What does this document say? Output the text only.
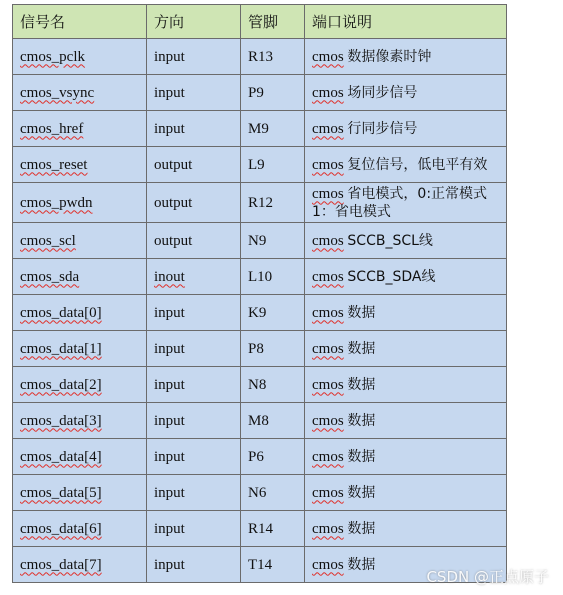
信号名	方向	管脚	端口说明
cmos_pclk	input	R13	cmos 数据像素时钟
cmos_vsync	input	P9	cmos 场同步信号
cmos_href	input	M9	cmos 行同步信号
cmos_reset	output	L9	cmos 复位信号，低电平有效
cmos_pwdn	output	R12	cmos 省电模式，0:正常模式 1：省电模式
cmos_scl	output	N9	cmos SCCB_SCL线
cmos_sda	inout	L10	cmos SCCB_SDA线
cmos_data[0]	input	K9	cmos 数据
cmos_data[1]	input	P8	cmos 数据
cmos_data[2]	input	N8	cmos 数据
cmos_data[3]	input	M8	cmos 数据
cmos_data[4]	input	P6	cmos 数据
cmos_data[5]	input	N6	cmos 数据
cmos_data[6]	input	R14	cmos 数据
cmos_data[7]	input	T14	cmos 数据
CSDN @正点原子
